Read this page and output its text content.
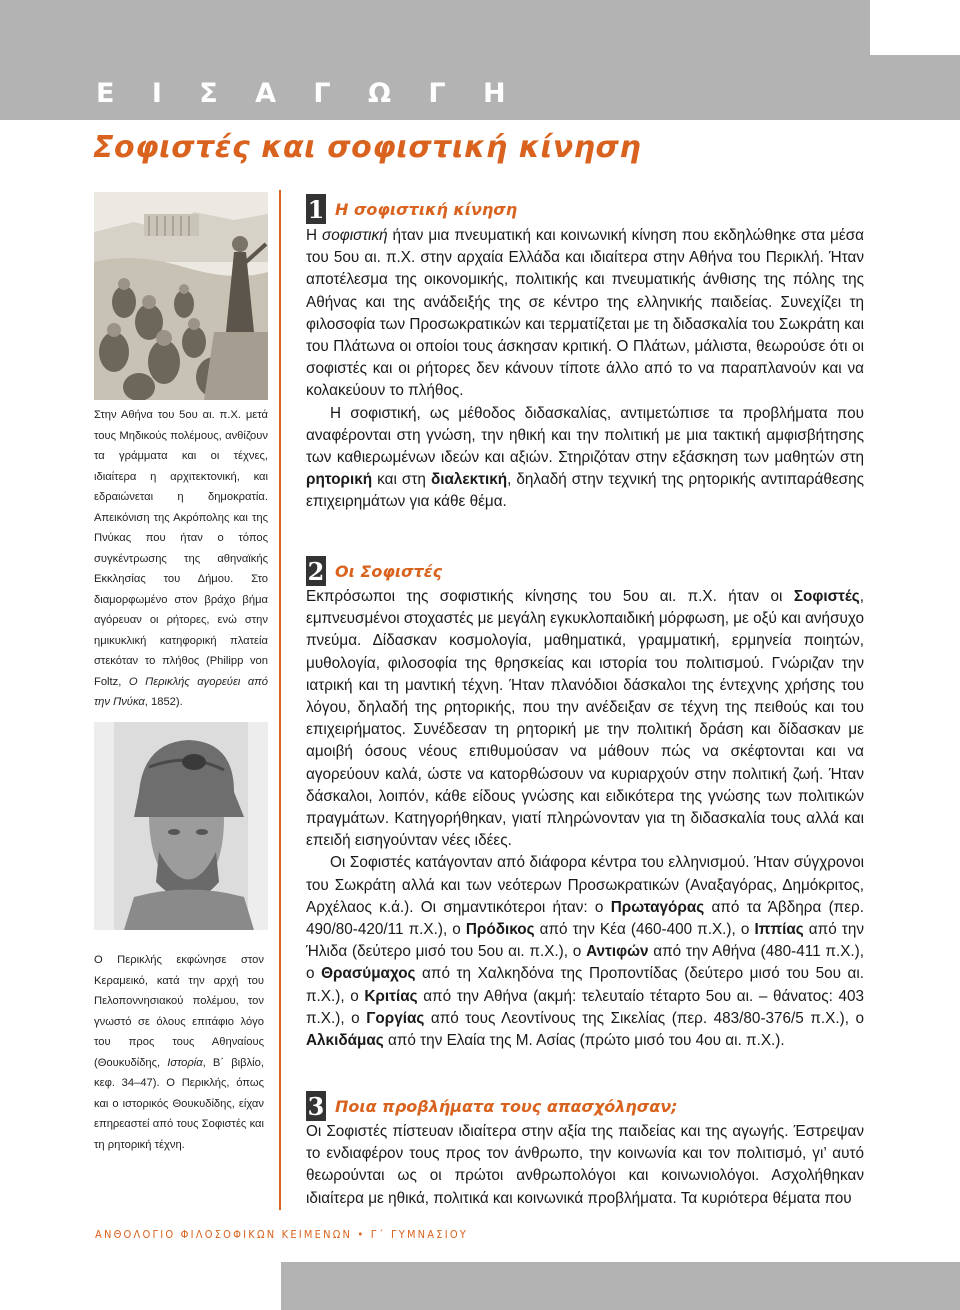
Ε Ι Σ Α Γ Ω Γ Η
Σοφιστές και σοφιστική κίνηση
Στην Αθήνα του 5ου αι. π.Χ. μετά τους Μηδικούς πολέμους, ανθίζουν τα γράμματα και οι τέχνες, ιδιαίτερα η αρχιτεκτονική, και εδραιώνεται η δημοκρατία. Απεικόνιση της Ακρόπολης και της Πνύκας που ήταν ο τόπος συγκέντρωσης της αθηναϊκής Εκκλησίας του Δήμου. Στο διαμορφωμένο στον βράχο βήμα αγόρευαν οι ρήτορες, ενώ στην ημικυκλική κατηφορική πλατεία στεκόταν το πλήθος (Philipp von Foltz, Ο Περικλής αγορεύει από την Πνύκα, 1852).
Ο Περικλής εκφώνησε στον Κεραμεικό, κατά την αρχή του Πελοποννησιακού πολέμου, τον γνωστό σε όλους επιτάφιο λόγο του προς τους Αθηναίους (Θουκυδίδης, Ιστορία, Β΄ βιβλίο, κεφ. 34–47). Ο Περικλής, όπως και ο ιστορικός Θουκυδίδης, είχαν επηρεαστεί από τους Σοφιστές και τη ρητορική τέχνη.
1 Η σοφιστική κίνηση

Η σοφιστική ήταν μια πνευματική και κοινωνική κίνηση που εκδηλώθηκε στα μέσα του 5ου αι. π.Χ. στην αρχαία Ελλάδα και ιδιαίτερα στην Αθήνα του Περικλή. Ήταν αποτέλεσμα της οικονομικής, πολιτικής και πνευματικής άνθισης της πόλης της Αθήνας και της ανάδειξής της σε κέντρο της ελληνικής παιδείας. Συνεχίζει τη φιλοσοφία των Προσωκρατικών και τερματίζεται με τη διδασκαλία του Σωκράτη και του Πλάτωνα οι οποίοι τους άσκησαν κριτική. Ο Πλάτων, μάλιστα, θεωρούσε ότι οι σοφιστές και οι ρήτορες δεν κάνουν τίποτε άλλο από το να παραπλανούν και να κολακεύουν το πλήθος.

Η σοφιστική, ως μέθοδος διδασκαλίας, αντιμετώπισε τα προβλήματα που αναφέρονται στη γνώση, την ηθική και την πολιτική με μια τακτική αμφισβήτησης των καθιερωμένων ιδεών και αξιών. Στηριζόταν στην εξάσκηση των μαθητών στη ρητορική και στη διαλεκτική, δηλαδή στην τεχνική της ρητορικής αντιπαράθεσης επιχειρημάτων για κάθε θέμα.

2 Οι Σοφιστές

Εκπρόσωποι της σοφιστικής κίνησης του 5ου αι. π.Χ. ήταν οι Σοφιστές, εμπνευσμένοι στοχαστές με μεγάλη εγκυκλοπαιδική μόρφωση, με οξύ και ανήσυχο πνεύμα. Δίδασκαν κοσμολογία, μαθηματικά, γραμματική, ερμηνεία ποιητών, μυθολογία, φιλοσοφία της θρησκείας και ιστορία του πολιτισμού. Γνώριζαν την ιατρική και τη μαντική τέχνη. Ήταν πλανόδιοι δάσκαλοι της έντεχνης χρήσης του λόγου, δηλαδή της ρητορικής, που την ανέδειξαν σε τέχνη της πειθούς και του επιχειρήματος. Συνέδεσαν τη ρητορική με την πολιτική δράση και δίδασκαν με αμοιβή όσους νέους επιθυμούσαν να μάθουν πώς να σκέφτονται και να αγορεύουν καλά, ώστε να κατορθώσουν να κυριαρχούν στην πολιτική ζωή. Ήταν δάσκαλοι, λοιπόν, κάθε είδους γνώσης και ειδικότερα της γνώσης των πολιτικών πραγμάτων. Κατηγορήθηκαν, γιατί πληρώνονταν για τη διδασκαλία τους αλλά και επειδή εισηγούνταν νέες ιδέες.

Οι Σοφιστές κατάγονταν από διάφορα κέντρα του ελληνισμού. Ήταν σύγχρονοι του Σωκράτη αλλά και των νεότερων Προσωκρατικών (Αναξαγόρας, Δημόκριτος, Αρχέλαος κ.ά.). Οι σημαντικότεροι ήταν: ο Πρωταγόρας από τα Άβδηρα (περ. 490/80-420/11 π.Χ.), ο Πρόδικος από την Κέα (460-400 π.Χ.), ο Ιππίας από την Ήλιδα (δεύτερο μισό του 5ου αι. π.Χ.), ο Αντιφών από την Αθήνα (480-411 π.Χ.), ο Θρασύμαχος από τη Χαλκηδόνα της Προποντίδας (δεύτερο μισό του 5ου αι. π.Χ.), ο Κριτίας από την Αθήνα (ακμή: τελευταίο τέταρτο 5ου αι. – θάνατος: 403 π.Χ.), ο Γοργίας από τους Λεοντίνους της Σικελίας (περ. 483/80-376/5 π.Χ.), ο Αλκιδάμας από την Ελαία της Μ. Ασίας (πρώτο μισό του 4ου αι. π.Χ.).

3 Ποια προβλήματα τους απασχόλησαν;

Οι Σοφιστές πίστευαν ιδιαίτερα στην αξία της παιδείας και της αγωγής. Έστρεψαν το ενδιαφέρον τους προς τον άνθρωπο, την κοινωνία και τον πολιτισμό, γι’ αυτό θεωρούνται ως οι πρώτοι ανθρωπολόγοι και κοινωνιολόγοι. Ασχολήθηκαν ιδιαίτερα με ηθικά, πολιτικά και κοινωνικά προβλήματα. Τα κυριότερα θέματα που

ΑΝΘΟΛΟΓΙΟ ΦΙΛΟΣΟΦΙΚΩΝ ΚΕΙΜΕΝΩΝ • Γ΄ ΓΥΜΝΑΣΙΟΥ
